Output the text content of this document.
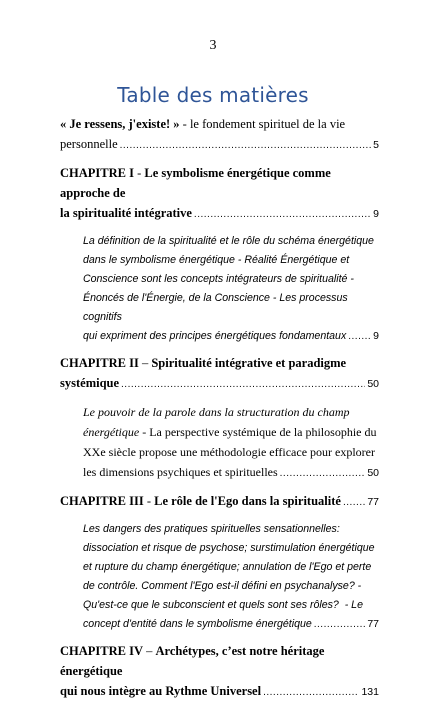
3
Table des matières
« Je ressens, j'existe! » - le fondement spirituel de la vie
personnelle .....	5
CHAPITRE I - Le symbolisme énergétique comme approche de
la spiritualité intégrative .....	9
La définition de la spiritualité et le rôle du schéma énergétique
dans le symbolisme énergétique - Réalité Énergétique et
Conscience sont les concepts intégrateurs de spiritualité -
Énoncés de l'Énergie, de la Conscience - Les processus cognitifs
qui expriment des principes énergétiques fondamentaux .....	9
CHAPITRE II – Spiritualité intégrative et paradigme
systémique .....	50
Le pouvoir de la parole dans la structuration du champ
énergétique - La perspective systémique de la philosophie du
XXe siècle propose une méthodologie efficace pour explorer
les dimensions psychiques et spirituelles .....	50
CHAPITRE III - Le rôle de l'Ego dans la spiritualité .....	77
Les dangers des pratiques spirituelles sensationnelles:
dissociation et risque de psychose; surstimulation énergétique
et rupture du champ énergétique; annulation de l'Ego et perte
de contrôle. Comment l'Ego est-il défini en psychanalyse? -
Qu'est-ce que le subconscient et quels sont ses rôles?  - Le
concept d'entité dans le symbolisme énergétique .....	77
CHAPITRE IV – Archétypes, c’est notre héritage énergétique
qui nous intègre au Rythme Universel .....	131
